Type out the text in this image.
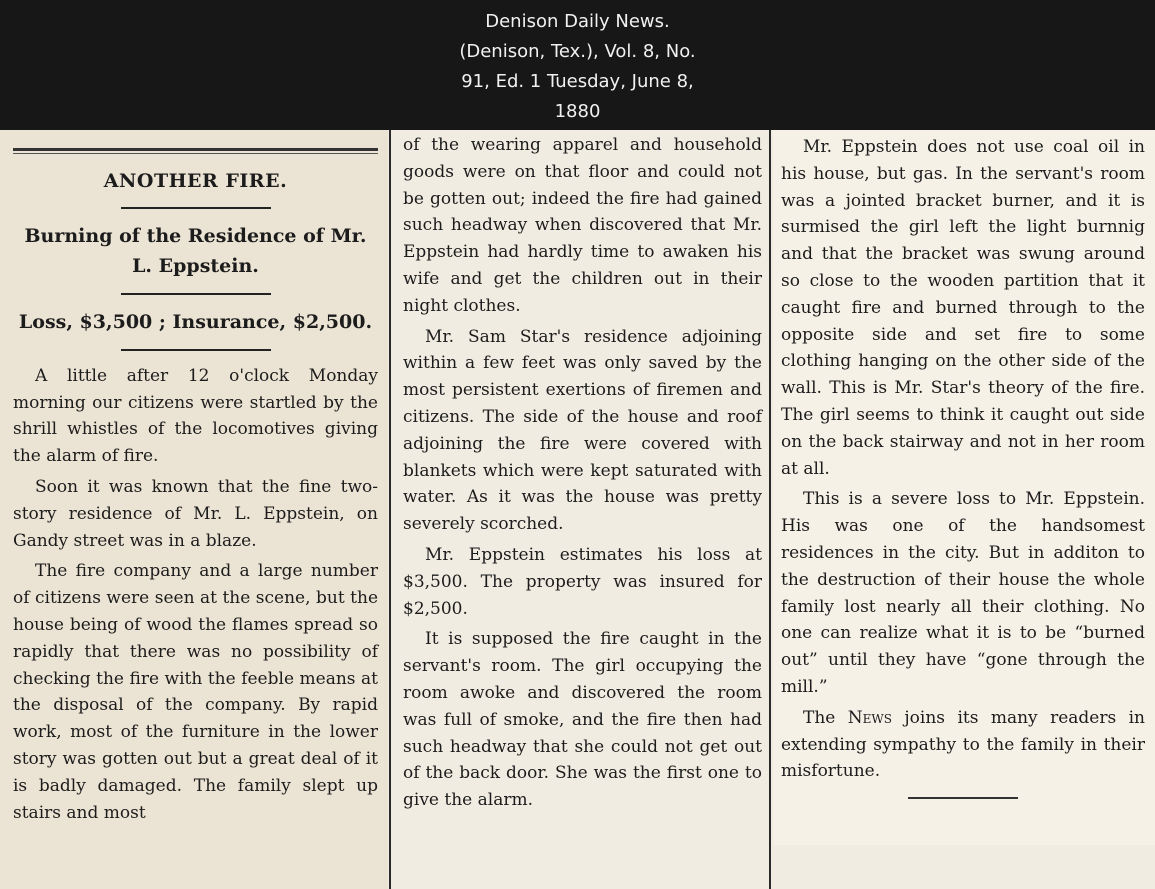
Denison Daily News.
(Denison, Tex.), Vol. 8, No.
91, Ed. 1 Tuesday, June 8,
1880
ANOTHER FIRE.
Burning of the Residence of Mr. L. Eppstein.
Loss, $3,500 ; Insurance, $2,500.

A little after 12 o'clock Monday morning our citizens were startled by the shrill whistles of the locomotives giving the alarm of fire.

Soon it was known that the fine two-story residence of Mr. L. Eppstein, on Gandy street was in a blaze.

The fire company and a large number of citizens were seen at the scene, but the house being of wood the flames spread so rapidly that there was no possibility of checking the fire with the feeble means at the disposal of the company. By rapid work, most of the furniture in the lower story was gotten out but a great deal of it is badly damaged. The family slept up stairs and most

of the wearing apparel and household goods were on that floor and could not be gotten out; indeed the fire had gained such headway when discovered that Mr. Eppstein had hardly time to awaken his wife and get the children out in their night clothes.

Mr. Sam Star's residence adjoining within a few feet was only saved by the most persistent exertions of firemen and citizens. The side of the house and roof adjoining the fire were covered with blankets which were kept saturated with water. As it was the house was pretty severely scorched.

Mr. Eppstein estimates his loss at $3,500. The property was insured for $2,500.

It is supposed the fire caught in the servant's room. The girl occupying the room awoke and discovered the room was full of smoke, and the fire then had such headway that she could not get out of the back door. She was the first one to give the alarm.

Mr. Eppstein does not use coal oil in his house, but gas. In the servant's room was a jointed bracket burner, and it is surmised the girl left the light burnnig and that the bracket was swung around so close to the wooden partition that it caught fire and burned through to the opposite side and set fire to some clothing hanging on the other side of the wall. This is Mr. Star's theory of the fire. The girl seems to think it caught out side on the back stairway and not in her room at all.

This is a severe loss to Mr. Eppstein. His was one of the handsomest residences in the city. But in additon to the destruction of their house the whole family lost nearly all their clothing. No one can realize what it is to be “burned out” until they have “gone through the mill.”

The News joins its many readers in extending sympathy to the family in their misfortune.
